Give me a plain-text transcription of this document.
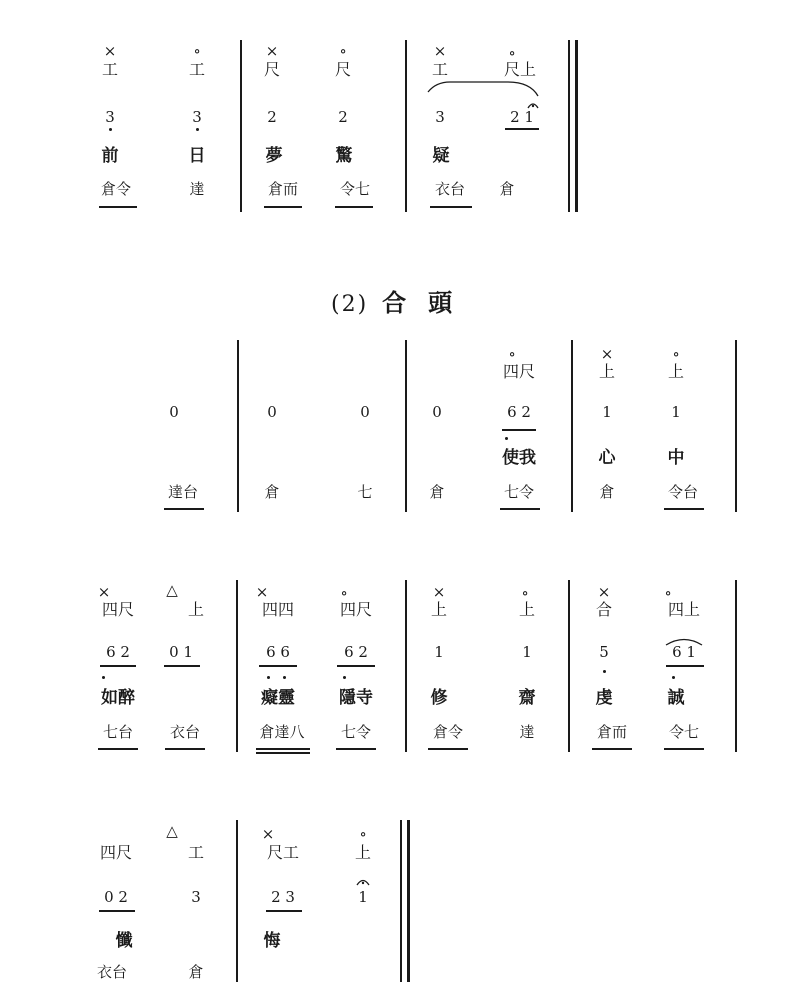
×
工
3
前
倉令
∘
工
3
日
達
×
尺
2
夢
倉而
∘
尺
2
驚
令七
×
工
3
疑
衣台
∘
尺上
2 1
倉
(2) 合頭
0
達台
0
倉
0
七
0
倉
∘
四尺
6 2
使我
七令
×
上
1
心
倉
∘
上
1
中
令台
×
四尺
6 2
如醉
七台
△
上
0 1
衣台
×
四四
6 6
癡靈
倉達八
∘
四尺
6 2
隱寺
七令
×
上
1
修
倉令
∘
上
1
齋
達
×
合
5
虔
倉而
∘
四上
6 1
誠
令七
四尺
0 2
懺
衣台
△
工
3
倉
×
尺工
2 3
悔
∘
上
1
